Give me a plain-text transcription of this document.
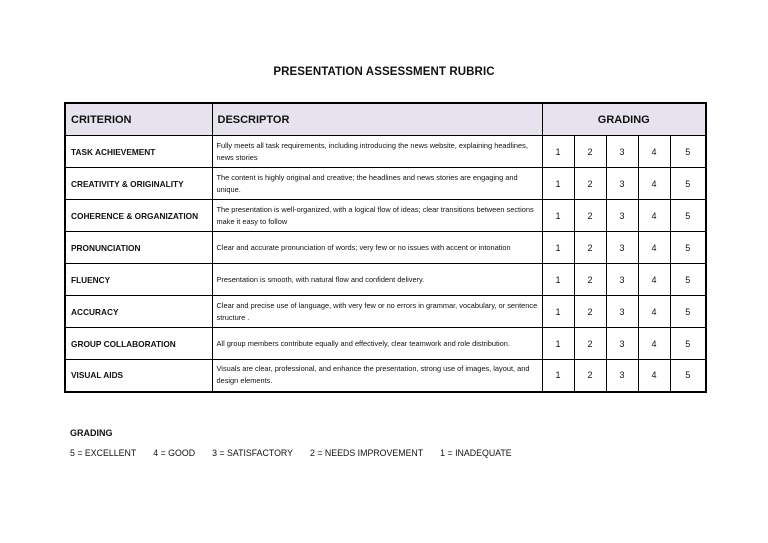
PRESENTATION ASSESSMENT RUBRIC
CRITERION	DESCRIPTOR	GRADING				
TASK ACHIEVEMENT	Fully meets all task requirements, including introducing the news website, explaining headlines, news stories	1	2	3	4	5
CREATIVITY & ORIGINALITY	The content is highly original and creative; the headlines and news stories are engaging and unique.	1	2	3	4	5
COHERENCE & ORGANIZATION	The presentation is well-organized, with a logical flow of ideas; clear transitions between sections make it easy to follow	1	2	3	4	5
PRONUNCIATION	Clear and accurate pronunciation of words; very few or no issues with accent or intonation	1	2	3	4	5
FLUENCY	Presentation is smooth, with natural flow and confident delivery.	1	2	3	4	5
ACCURACY	Clear and precise use of language, with very few or no errors in grammar, vocabulary, or sentence structure .	1	2	3	4	5
GROUP COLLABORATION	All group members contribute equally and effectively, clear teamwork and role distribution.	1	2	3	4	5
VISUAL AIDS	Visuals are clear, professional, and enhance the presentation, strong use of images, layout, and design elements.	1	2	3	4	5
GRADING
5 = EXCELLENT 4 = GOOD 3 = SATISFACTORY 2 = NEEDS IMPROVEMENT 1 = INADEQUATE
